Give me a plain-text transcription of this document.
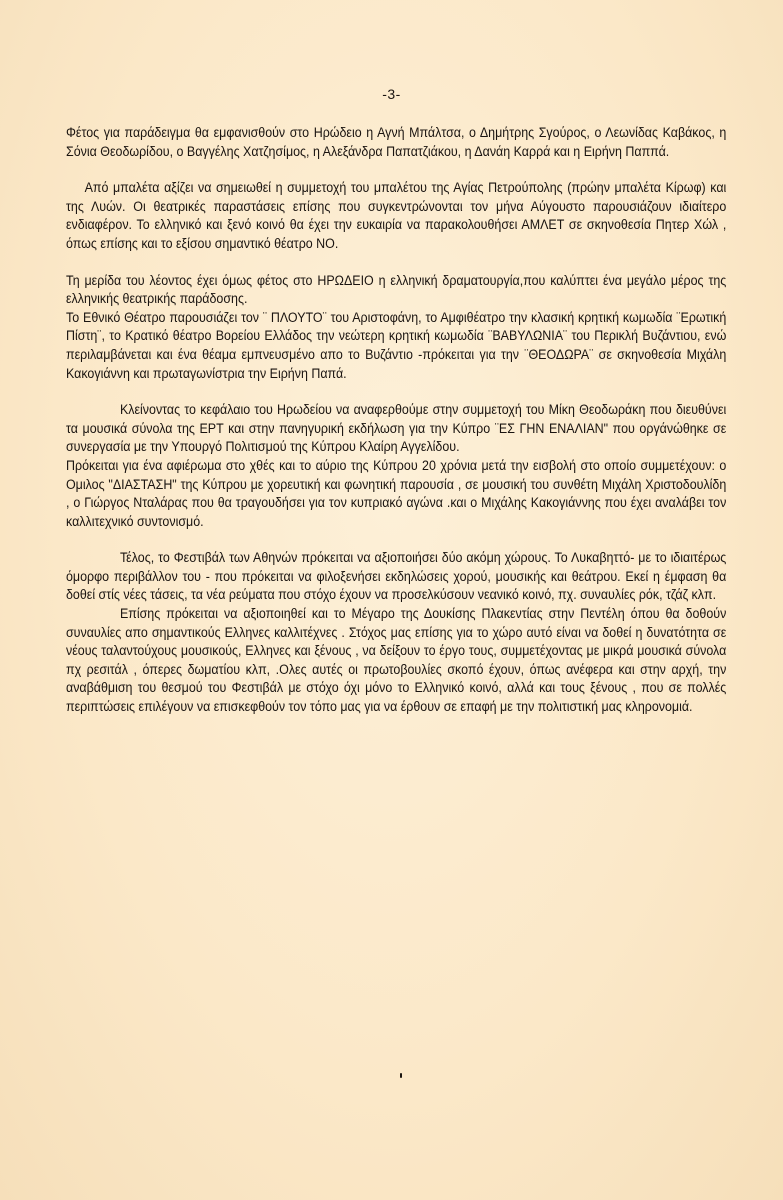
-3-

Φέτος για παράδειγμα θα εμφανισθούν στο Ηρώδειο η Αγνή Μπάλτσα, ο Δημήτρης Σγούρος, ο Λεωνίδας Καβάκος, η Σόνια Θεοδωρίδου, ο Βαγγέλης Χατζησίμος, η Αλεξάνδρα Παπατζιάκου, η Δανάη Καρρά και η Ειρήνη Παππά.

Από μπαλέτα αξίζει να σημειωθεί η συμμετοχή του μπαλέτου της Αγίας Πετρούπολης (πρώην μπαλέτα Κίρωφ) και της Λυών. Οι θεατρικές παραστάσεις επίσης που συγκεντρώνονται τον μήνα Αύγουστο παρουσιάζουν ιδιαίτερο ενδιαφέρον. Το ελληνικό και ξενό κοινό θα έχει την ευκαιρία να παρακολουθήσει ΑΜΛΕΤ σε σκηνοθεσία Πητερ Χώλ , όπως επίσης και το εξίσου σημαντικό θέατρο ΝΟ.

Τη μερίδα του λέοντος έχει όμως φέτος στο ΗΡΩΔΕΙΟ η ελληνική δραματουργία,που καλύπτει ένα μεγάλο μέρος της ελληνικής θεατρικής παράδοσης.

Το Εθνικό Θέατρο παρουσιάζει τον ¨ ΠΛΟΥΤΟ¨ του Αριστοφάνη, το Αμφιθέατρο την κλασική κρητική κωμωδία ¨Ερωτική Πίστη¨, το Κρατικό θέατρο Βορείου Ελλάδος την νεώτερη κρητική κωμωδία ¨ΒΑΒΥΛΩΝΙΑ¨ του Περικλή Βυζάντιου, ενώ περιλαμβάνεται και ένα θέαμα εμπνευσμένο απο το Βυζάντιο -πρόκειται για την ¨ΘΕΟΔΩΡΑ¨ σε σκηνοθεσία Μιχάλη Κακογιάννη και πρωταγωνίστρια την Ειρήνη Παπά.

Κλείνοντας το κεφάλαιο του Ηρωδείου να αναφερθούμε στην συμμετοχή του Μίκη Θεοδωράκη που διευθύνει τα μουσικά σύνολα της ΕΡΤ και στην πανηγυρική εκδήλωση για την Κύπρο ¨ΕΣ ΓΗΝ ΕΝΑΛΙΑΝ" που οργάνώθηκε σε συνεργασία με την Υπουργό Πολιτισμού της Κύπρου Κλαίρη Αγγελίδου.

Πρόκειται για ένα αφιέρωμα στο χθές και το αύριο της Κύπρου 20 χρόνια μετά την εισβολή στο οποίο συμμετέχουν: ο Ομιλος "ΔΙΑΣΤΑΣΗ" της Κύπρου με χορευτική και φωνητική παρουσία , σε μουσική του συνθέτη Μιχάλη Χριστοδουλίδη , ο Γιώργος Νταλάρας που θα τραγουδήσει για τον κυπριακό αγώνα .και ο Μιχάλης Κακογιάννης που έχει αναλάβει τον καλλιτεχνικό συντονισμό.

Τέλος, το Φεστιβάλ των Αθηνών πρόκειται να αξιοποιήσει δύο ακόμη χώρους. Το Λυκαβηττό- με το ιδιαιτέρως όμορφο περιβάλλον του - που πρόκειται να φιλοξενήσει εκδηλώσεις χορού, μουσικής και θεάτρου. Εκεί η έμφαση θα δοθεί στίς νέες τάσεις, τα νέα ρεύματα που στόχο έχουν να προσελκύσουν νεανικό κοινό, πχ. συναυλίες ρόκ, τζάζ κλπ.

Επίσης πρόκειται να αξιοποιηθεί και το Μέγαρο της Δουκίσης Πλακεντίας στην Πεντέλη όπου θα δοθούν συναυλίες απο σημαντικούς Ελληνες καλλιτέχνες . Στόχος μας επίσης για το χώρο αυτό είναι να δοθεί η δυνατότητα σε νέους ταλαντούχους μουσικούς, Ελληνες και ξένους , να δείξουν το έργο τους, συμμετέχοντας με μικρά μουσικά σύνολα πχ ρεσιτάλ , όπερες δωματίου κλπ, .Ολες αυτές οι πρωτοβουλίες σκοπό έχουν, όπως ανέφερα και στην αρχή, την αναβάθμιση του θεσμού του Φεστιβάλ με στόχο όχι μόνο το Ελληνικό κοινό, αλλά και τους ξένους , που σε πολλές περιπτώσεις επιλέγουν να επισκεφθούν τον τόπο μας για να έρθουν σε επαφή με την πολιτιστική μας κληρονομιά.
